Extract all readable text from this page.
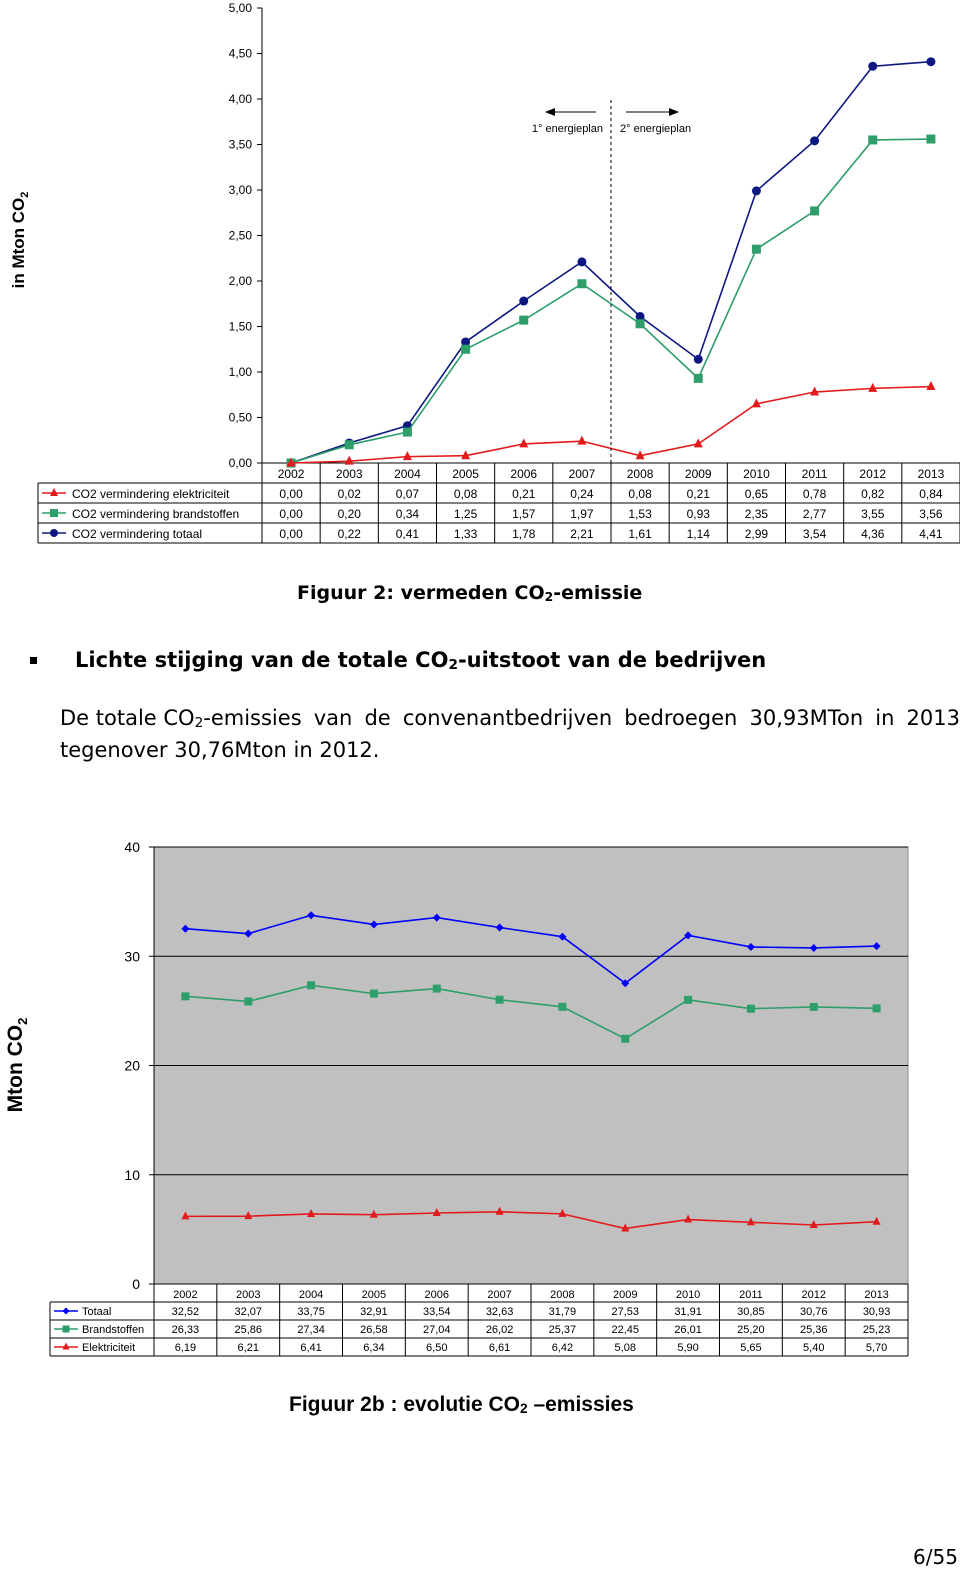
0,00
0,50
1,00
1,50
2,00
2,50
3,00
3,50
4,00
4,50
5,00
in Mton $CO_2$
2002	2003	2004	2005	2006	2007	2008	2009	2010	2011	2012	2013
CO2 vermindering elektriciteit	0,00	0,02	0,07	0,08	0,21	0,24	0,08	0,21	0,65	0,78	0,82	0,84
CO2 vermindering brandstoffen	0,00	0,20	0,34	1,25	1,57	1,97	1,53	0,93	2,35	2,77	3,55	3,56
CO2 vermindering totaal	0,00	0,22	0,41	1,33	1,78	2,21	1,61	1,14	2,99	3,54	4,36	4,41
1° energieplan 2° energieplan
0
10
20
30
40
Mton $CO_2$
2002	2003	2004	2005	2006	2007	2008	2009	2010	2011	2012	2013
Totaal	32,52	32,07	33,75	32,91	33,54	32,63	31,79	27,53	31,91	30,85	30,76	30,93
Brandstoffen 26,33	25,86	27,34	26,58	27,04	26,02	25,37	22,45	26,01	25,20	25,36	25,23
Elektriciteit	6,19	6,21	6,41	6,34	6,50	6,61	6,42	5,08	5,90	5,65	5,40	5,70
Figuur 2: vermeden $CO_2$-emissie
Lichte stijging van de totale $CO_2$-uitstoot van de bedrijven
De totale $CO_2$-emissies van de convenantbedrijven bedroegen 30,93MTon in 2013
tegenover 30,76Mton in 2012.
Figuur 2b : evolutie $CO_2$ –emissies
6/55
